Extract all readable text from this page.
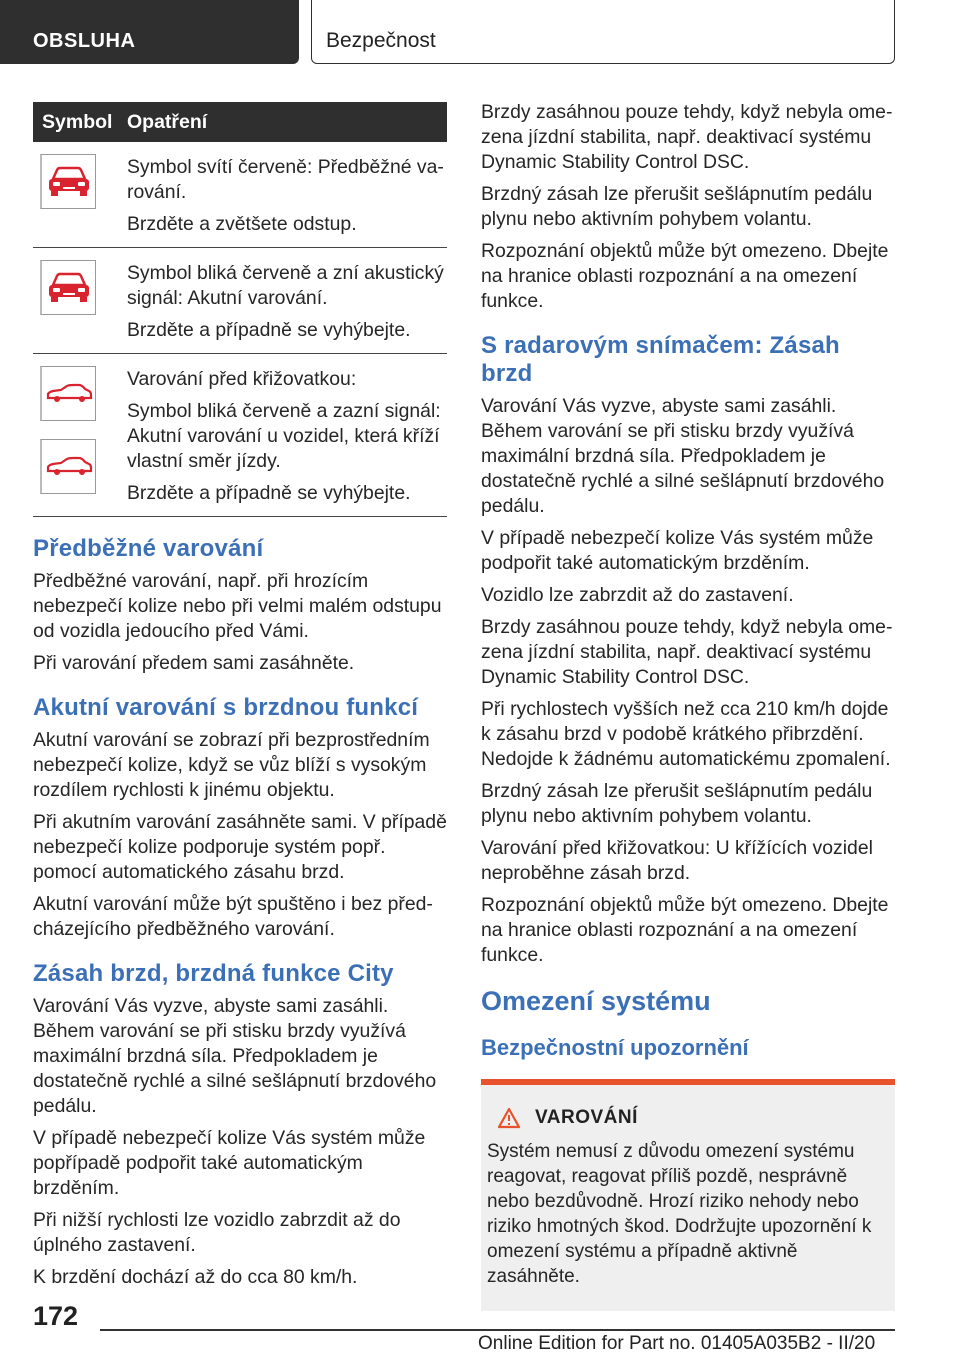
OBSLUHA	Bezpečnost
Symbol Opatření

Symbol svítí červeně: Předběžné varování.

Brzděte a zvětšete odstup.

Symbol bliká červeně a zní akustický signál: Akutní varování.

Brzděte a případně se vyhýbejte.

Varování před křižovatkou:

Symbol bliká červeně a zazní signál: Akutní varování u vozidel, která kříží vlastní směr jízdy.

Brzděte a případně se vyhýbejte.

Předběžné varování

Předběžné varování, např. při hrozícím nebezpečí kolize nebo při velmi malém odstupu od vozidla jedoucího před Vámi.

Při varování předem sami zasáhněte.

Akutní varování s brzdnou funkcí

Akutní varování se zobrazí při bezprostředním nebezpečí kolize, když se vůz blíží s vysokým rozdílem rychlosti k jinému objektu.

Při akutním varování zasáhněte sami. V případě nebezpečí kolize podporuje systém popř. pomocí automatického zásahu brzd.

Akutní varování může být spuštěno i bez předcházejícího předběžného varování.

Zásah brzd, brzdná funkce City

Varování Vás vyzve, abyste sami zasáhli. Během varování se při stisku brzdy využívá maximální brzdná síla. Předpokladem je dostatečně rychlé a silné sešlápnutí brzdového pedálu.

V případě nebezpečí kolize Vás systém může popřípadě podpořit také automatickým brzděním.

Při nižší rychlosti lze vozidlo zabrzdit až do úplného zastavení.

K brzdění dochází až do cca 80 km/h.

Brzdy zasáhnou pouze tehdy, když nebyla omezena jízdní stabilita, např. deaktivací systému Dynamic Stability Control DSC.

Brzdný zásah lze přerušit sešlápnutím pedálu plynu nebo aktivním pohybem volantu.

Rozpoznání objektů může být omezeno. Dbejte na hranice oblasti rozpoznání a na omezení funkce.

S radarovým snímačem: Zásah brzd

Varování Vás vyzve, abyste sami zasáhli. Během varování se při stisku brzdy využívá maximální brzdná síla. Předpokladem je dostatečně rychlé a silné sešlápnutí brzdového pedálu.

V případě nebezpečí kolize Vás systém může podpořit také automatickým brzděním.

Vozidlo lze zabrzdit až do zastavení.

Brzdy zasáhnou pouze tehdy, když nebyla omezena jízdní stabilita, např. deaktivací systému Dynamic Stability Control DSC.

Při rychlostech vyšších než cca 210 km/h dojde k zásahu brzd v podobě krátkého přibrzdění. Nedojde k žádnému automatickému zpomalení.

Brzdný zásah lze přerušit sešlápnutím pedálu plynu nebo aktivním pohybem volantu.

Varování před křižovatkou: U křížících vozidel neproběhne zásah brzd.

Rozpoznání objektů může být omezeno. Dbejte na hranice oblasti rozpoznání a na omezení funkce.

Omezení systému
Bezpečnostní upozornění
VAROVÁNÍ

Systém nemusí z důvodu omezení systému reagovat, reagovat příliš pozdě, nesprávně nebo bezdůvodně. Hrozí riziko nehody nebo riziko hmotných škod. Dodržujte upozornění k omezení systému a případně aktivně zasáhněte.

172
Online Edition for Part no. 01405A035B2 - II/20
